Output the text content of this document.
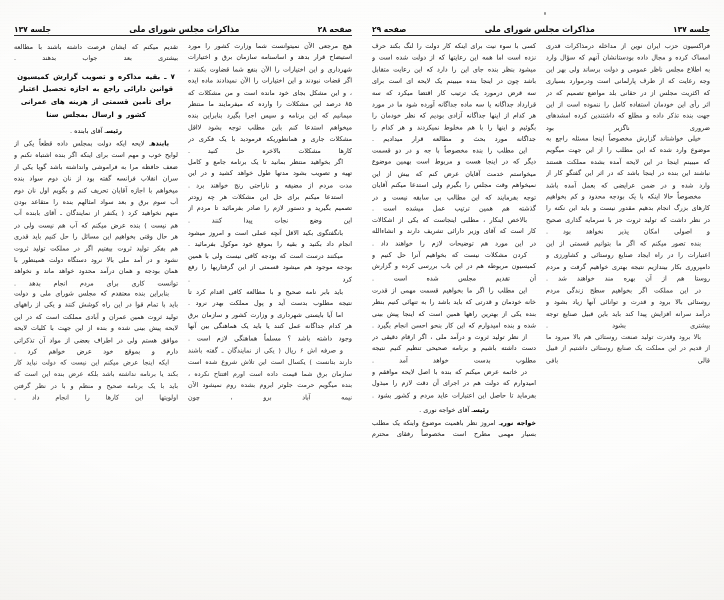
صفحه ۲۸
مذاکرات مجلس شورای ملی
جلسه ۱۳۷

تقدیم میکنم که ایشان فرصت داشته باشند با مطالعه بیشتری بعد جواب بدهند .

۷ ـ بقیه مذاکره و تصویب گزارش کمیسیون قوانین دارائی راجع به اجازه تحصیل اعتبار برای تأمین قسمتی از هزینه های عمرانی کشور و ارسال بمجلس سنا

رئیسـ آقای بابنده .

بابندهـ لایحه ایکه دولت بمجلس داده قطعاً یکی از لوایح خوب و مهم است برای اینکه اگر بنده اشتباه نکنم و ضعف حافظه مرا به فراموشی وانداشته باشد گویا یکی از سران انقلاب فرانسه گفته بود از نان دوم سواد بنده میخواهم با اجازه آقایان تحریف کنم و بگویم اول نان دوم آب سوم برق و بعد سواد امثالهم بنده را متقاعد بودن متهم نخواهید کرد ( یکنفر از نمایندگان ـ آقای بابنده آب هم نیست ) بنده عرض میکنم که آب هم نیست ولی در هر حال وقتی بخواهیم این مسائل را حل کنیم باید قدری هم بفکر تولید ثروت بیفتیم اگر در مملکت تولید ثروت نشود و در آمد ملی بالا نرود دستگاه دولت همینطور با همان بودجه و همان درآمد محدود خواهد ماند و نخواهد توانست کاری برای مردم انجام بدهد .

بنابراین بنده معتقدم که مجلس شورای ملی و دولت باید با تمام قوا در این راه کوشش کنند و یکی از راههای تولید ثروت همین عمران و آبادی مملکت است که در این لایحه پیش بینی شده و بنده از این جهت با کلیات لایحه موافق هستم ولی در اطراف بعضی از مواد آن تذکراتی دارم و بموقع خود عرض خواهم کرد .

ایکه اینجا عرض میکنم این نیست که دولت نباید کار بکند یا برنامه نداشته باشد بلکه عرض بنده این است که باید با یک برنامه صحیح و منظم و با در نظر گرفتن اولویتها این کارها را انجام داد .

هیچ مرجعی الآن نمیتوانست شما وزارت کشور را مورد استیضاح قرار بدهد و اساسنامه سازمان برق و اختیارات شهرداری و این اختیارات را الآن بنفع شما قضاوت بکنند ، اگر قضات نبودند و این اختیارات را الآن نمیدادند ماده ایده ، و این مشکل بجای خود مانده است و من مشکلات که ۸۵ درصد این مشکلات را وارده که میفرمایند ما منتظر میمانیم که این برنامه و سپس اجرا بگیرد بنابراین بنده میخواهم استدعا کنم باین مطلب توجه بشود لااقل مشکلات جاری و همانطوریکه فرمودید با یک فکری در کارها مشکلات بالاخره حل کنید .

اگر بخواهید منتظر بمانید تا یک برنامه جامع و کامل تهیه و تصویب بشود مدتها طول خواهد کشید و در این مدت مردم از مضیقه و ناراحتی رنج خواهند برد .

استدعا میکنم برای حل این مشکلات هر چه زودتر تصمیم بگیرید و دستور لازم را صادر بفرمائید تا مردم از این وضع نجات پیدا کنند .

بانگفتگوی بکید الاقل آنچه عملی است و امروز میشود انجام داد بکنید و بقیه را بموقع خود موکول بفرمائید .

میکنند درست است که بودجه کافی نیست ولی با همین بودجه موجود هم میشود قسمتی از این گرفتاریها را رفع کرد .

باید بابر نامه صحیح و با مطالعه کافی اقدام کرد تا نتیجه مطلوب بدست آید و پول مملکت بهدر نرود .

اما آیا بایستی شهرداری و وزارت کشور و سازمان برق هر کدام جداگانه عمل کنند یا باید یک هماهنگی بین آنها وجود داشته باشد ؟ مسلماً هماهنگی لازم است .

و صرفه اش ۶ ریال ( یکی از نمایندگان ـ گفته باشند دارند بتانست ) یکسال است این تلاش شروع شده است سازمان برق شما قیمت داده است اورم افتتاح نکرده ، بنده میگویم حرمت جلوتر ابروم بشده روم نمیشود الآن نیمه آباد برو ، چون

جلسه ۱۳۷
مذاکرات مجلس شورای ملی
صفحه ۲۹

کسی با سوء نیت برای اینکه کار دولت را لنگ بکند حرف نزده است اما همه این رعایتها که از دولت شده است و میشود بنظر بنده جای این را دارد که این رعایت متقابل باشد چون در اینجا بنده میبینم یک لایحه ای است برای سه قرض درمورد یک ترتیب کار اقتضا میکرد که سه قرارداد جداگانه یا سه ماده جداگانه آورده شود ما در مورد هر کدام از اینها جداگانه آزادی بودیم که نظر خودمان را بگوئیم و اینها را با هم مخلوط نمیکردند و هر کدام را جداگانه مورد بحث و مطالعه قرار میدادیم .

این مطلب را بنده مخصوصاً با جه و در دو قسمت دیگر که در اینجا هست و مربوط است بهمین موضوع میخواستم خدمت آقایان عرض کنم که بیش از این نمیخواهم وقت مجلس را بگیرم ولی استدعا میکنم آقایان توجه بفرمایند که این مطالب بی سابقه نیست و در گذشته هم همین ترتیب عمل میشده است .

بالاخص اینکار ، مطلبی اینجاست که یکی از اشکالات کار است که آقای وزیر دارائی تشریف دارند و انشاءالله در این مورد هم توضیحات لازم را خواهند داد .

کردن مشکلات نیست که بخواهیم آنرا حل کنیم و کمیسیون مربوطه هم در این باب بررسی کرده و گزارش آن تقدیم مجلس شده است .

این مطلب را اگر ما بخواهیم قسمت مهمی از قدرت خانه خودمان و قدرتی که باید باشد را به تنهائی کنیم بنظر بنده یکی از بهترین راهها همین است که اینجا پیش بینی شده و بنده امیدوارم که این کار بنحو احسن انجام بگیرد .

از نظر تولید ثروت و درآمد ملی ، اگر ارقام دقیقی در دست داشته باشیم و برنامه صحیحی تنظیم کنیم نتیجه مطلوب بدست خواهد آمد .

در خاتمه عرض میکنم که بنده با اصل لایحه موافقم و امیدوارم که دولت هم در اجرای آن دقت لازم را مبذول بفرماید تا حاصل این اعتبارات عاید مردم و کشور بشود .

رئیسـ آقای خواجه نوری .

خواجه نوریـ امروز نظر باهمیت موضوع وابنکه یک مطلب بسیار مهمی مطرح است مخصوصاً رفقای محترم

فراکسیون حزب ایران نوین از مداخله درمذاکرات قدری امساک کرده و مجال داده بودستانشان آنهم که سؤال وارد به اطلاع مجلس ناظر عمومی و دولت برساند ولی بهر این وجه رعایت که از طرف پارلمانی است ودرموارد بسیاری که اکثریت مجلس از در حقانی بلد مواضع تصمیم که در اثر رأی این خودمان استفاده کامل را ننموده است از این جهت بنده تذکر داده و مطلع که داشتندین کرده امشدهای ضروری ناگزیر بود

خیلی خواشتاند گزارش مخصوصاً اینجا مسئله راجع به موضوع وارد شده که این مطلب را از این جهت میگویم که میبینم اینجا در این لایحه آمده بشده مملکت هستند نباشند این بنده در اینجا باشد که در اثر این گفتگو کار از وارد شده و در ضمن عرایضی که بعمل آمده باشد

مخصوصاً حالا اینکه با یک بودجه محدود و کم بخواهیم کارهای بزرگ انجام بدهیم مقدور نیست و باید این نکته را در نظر داشت که تولید ثروت جز با سرمایه گذاری صحیح و اصولی امکان پذیر نخواهد بود .

بنده تصور میکنم که اگر ما بتوانیم قسمتی از این اعتبارات را در راه ایجاد صنایع روستائی و کشاورزی و دامپروری بکار بیندازیم نتیجه بهتری خواهیم گرفت و مردم روستا هم از آن بهره مند خواهند شد .

در این مملکت اگر بخواهیم سطح زندگی مردم روستائی بالا برود و قدرت و توانائی آنها زیاد بشود و درآمد سرانه افزایش پیدا کند باید باین قبیل صنایع توجه بیشتری بشود .

بالا برود وقدرت تولید صنعت روستائی هم بالا میرود ما از قدیم در این مملکت یک صنایع روستائی داشتیم از قبیل قالی بافی
